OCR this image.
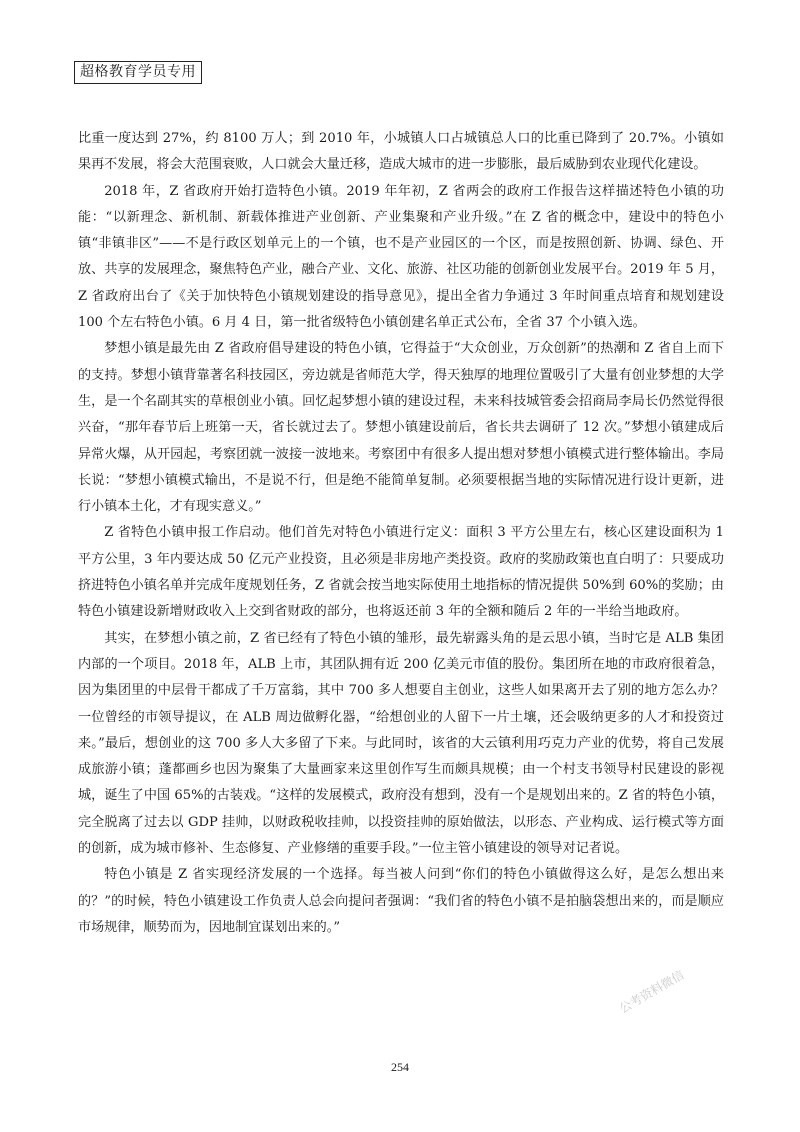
超格教育学员专用

比重一度达到 27%，约 8100 万人；到 2010 年，小城镇人口占城镇总人口的比重已降到了 20.7%。小镇如果再不发展，将会大范围衰败，人口就会大量迁移，造成大城市的进一步膨胀，最后威胁到农业现代化建设。

2018 年，Z 省政府开始打造特色小镇。2019 年年初，Z 省两会的政府工作报告这样描述特色小镇的功能：“以新理念、新机制、新载体推进产业创新、产业集聚和产业升级。”在 Z 省的概念中，建设中的特色小镇“非镇非区”——不是行政区划单元上的一个镇，也不是产业园区的一个区，而是按照创新、协调、绿色、开放、共享的发展理念，聚焦特色产业，融合产业、文化、旅游、社区功能的创新创业发展平台。2019 年 5 月，Z 省政府出台了《关于加快特色小镇规划建设的指导意见》，提出全省力争通过 3 年时间重点培育和规划建设 100 个左右特色小镇。6 月 4 日，第一批省级特色小镇创建名单正式公布，全省 37 个小镇入选。

梦想小镇是最先由 Z 省政府倡导建设的特色小镇，它得益于“大众创业，万众创新”的热潮和 Z 省自上而下的支持。梦想小镇背靠著名科技园区，旁边就是省师范大学，得天独厚的地理位置吸引了大量有创业梦想的大学生，是一个名副其实的草根创业小镇。回忆起梦想小镇的建设过程，未来科技城管委会招商局李局长仍然觉得很兴奋，“那年春节后上班第一天，省长就过去了。梦想小镇建设前后，省长共去调研了 12 次。”梦想小镇建成后异常火爆，从开园起，考察团就一波接一波地来。考察团中有很多人提出想对梦想小镇模式进行整体输出。李局长说：“梦想小镇模式输出，不是说不行，但是绝不能简单复制。必须要根据当地的实际情况进行设计更新，进行小镇本土化，才有现实意义。”

Z 省特色小镇申报工作启动。他们首先对特色小镇进行定义：面积 3 平方公里左右，核心区建设面积为 1 平方公里，3 年内要达成 50 亿元产业投资，且必须是非房地产类投资。政府的奖励政策也直白明了：只要成功挤进特色小镇名单并完成年度规划任务，Z 省就会按当地实际使用土地指标的情况提供 50%到 60%的奖励；由特色小镇建设新增财政收入上交到省财政的部分，也将返还前 3 年的全额和随后 2 年的一半给当地政府。

其实，在梦想小镇之前，Z 省已经有了特色小镇的雏形，最先崭露头角的是云思小镇，当时它是 ALB 集团内部的一个项目。2018 年，ALB 上市，其团队拥有近 200 亿美元市值的股份。集团所在地的市政府很着急，因为集团里的中层骨干都成了千万富翁，其中 700 多人想要自主创业，这些人如果离开去了别的地方怎么办？一位曾经的市领导提议，在 ALB 周边做孵化器，“给想创业的人留下一片土壤，还会吸纳更多的人才和投资过来。”最后，想创业的这 700 多人大多留了下来。与此同时，该省的大云镇利用巧克力产业的优势，将自己发展成旅游小镇；蓬都画乡也因为聚集了大量画家来这里创作写生而颇具规模；由一个村支书领导村民建设的影视城，诞生了中国 65%的古装戏。“这样的发展模式，政府没有想到，没有一个是规划出来的。Z 省的特色小镇，完全脱离了过去以 GDP 挂帅，以财政税收挂帅，以投资挂帅的原始做法，以形态、产业构成、运行模式等方面的创新，成为城市修补、生态修复、产业修缮的重要手段。”一位主管小镇建设的领导对记者说。

特色小镇是 Z 省实现经济发展的一个选择。每当被人问到“你们的特色小镇做得这么好，是怎么想出来的？”的时候，特色小镇建设工作负责人总会向提问者强调：“我们省的特色小镇不是拍脑袋想出来的，而是顺应市场规律，顺势而为，因地制宜谋划出来的。”

公考资料微信
254
